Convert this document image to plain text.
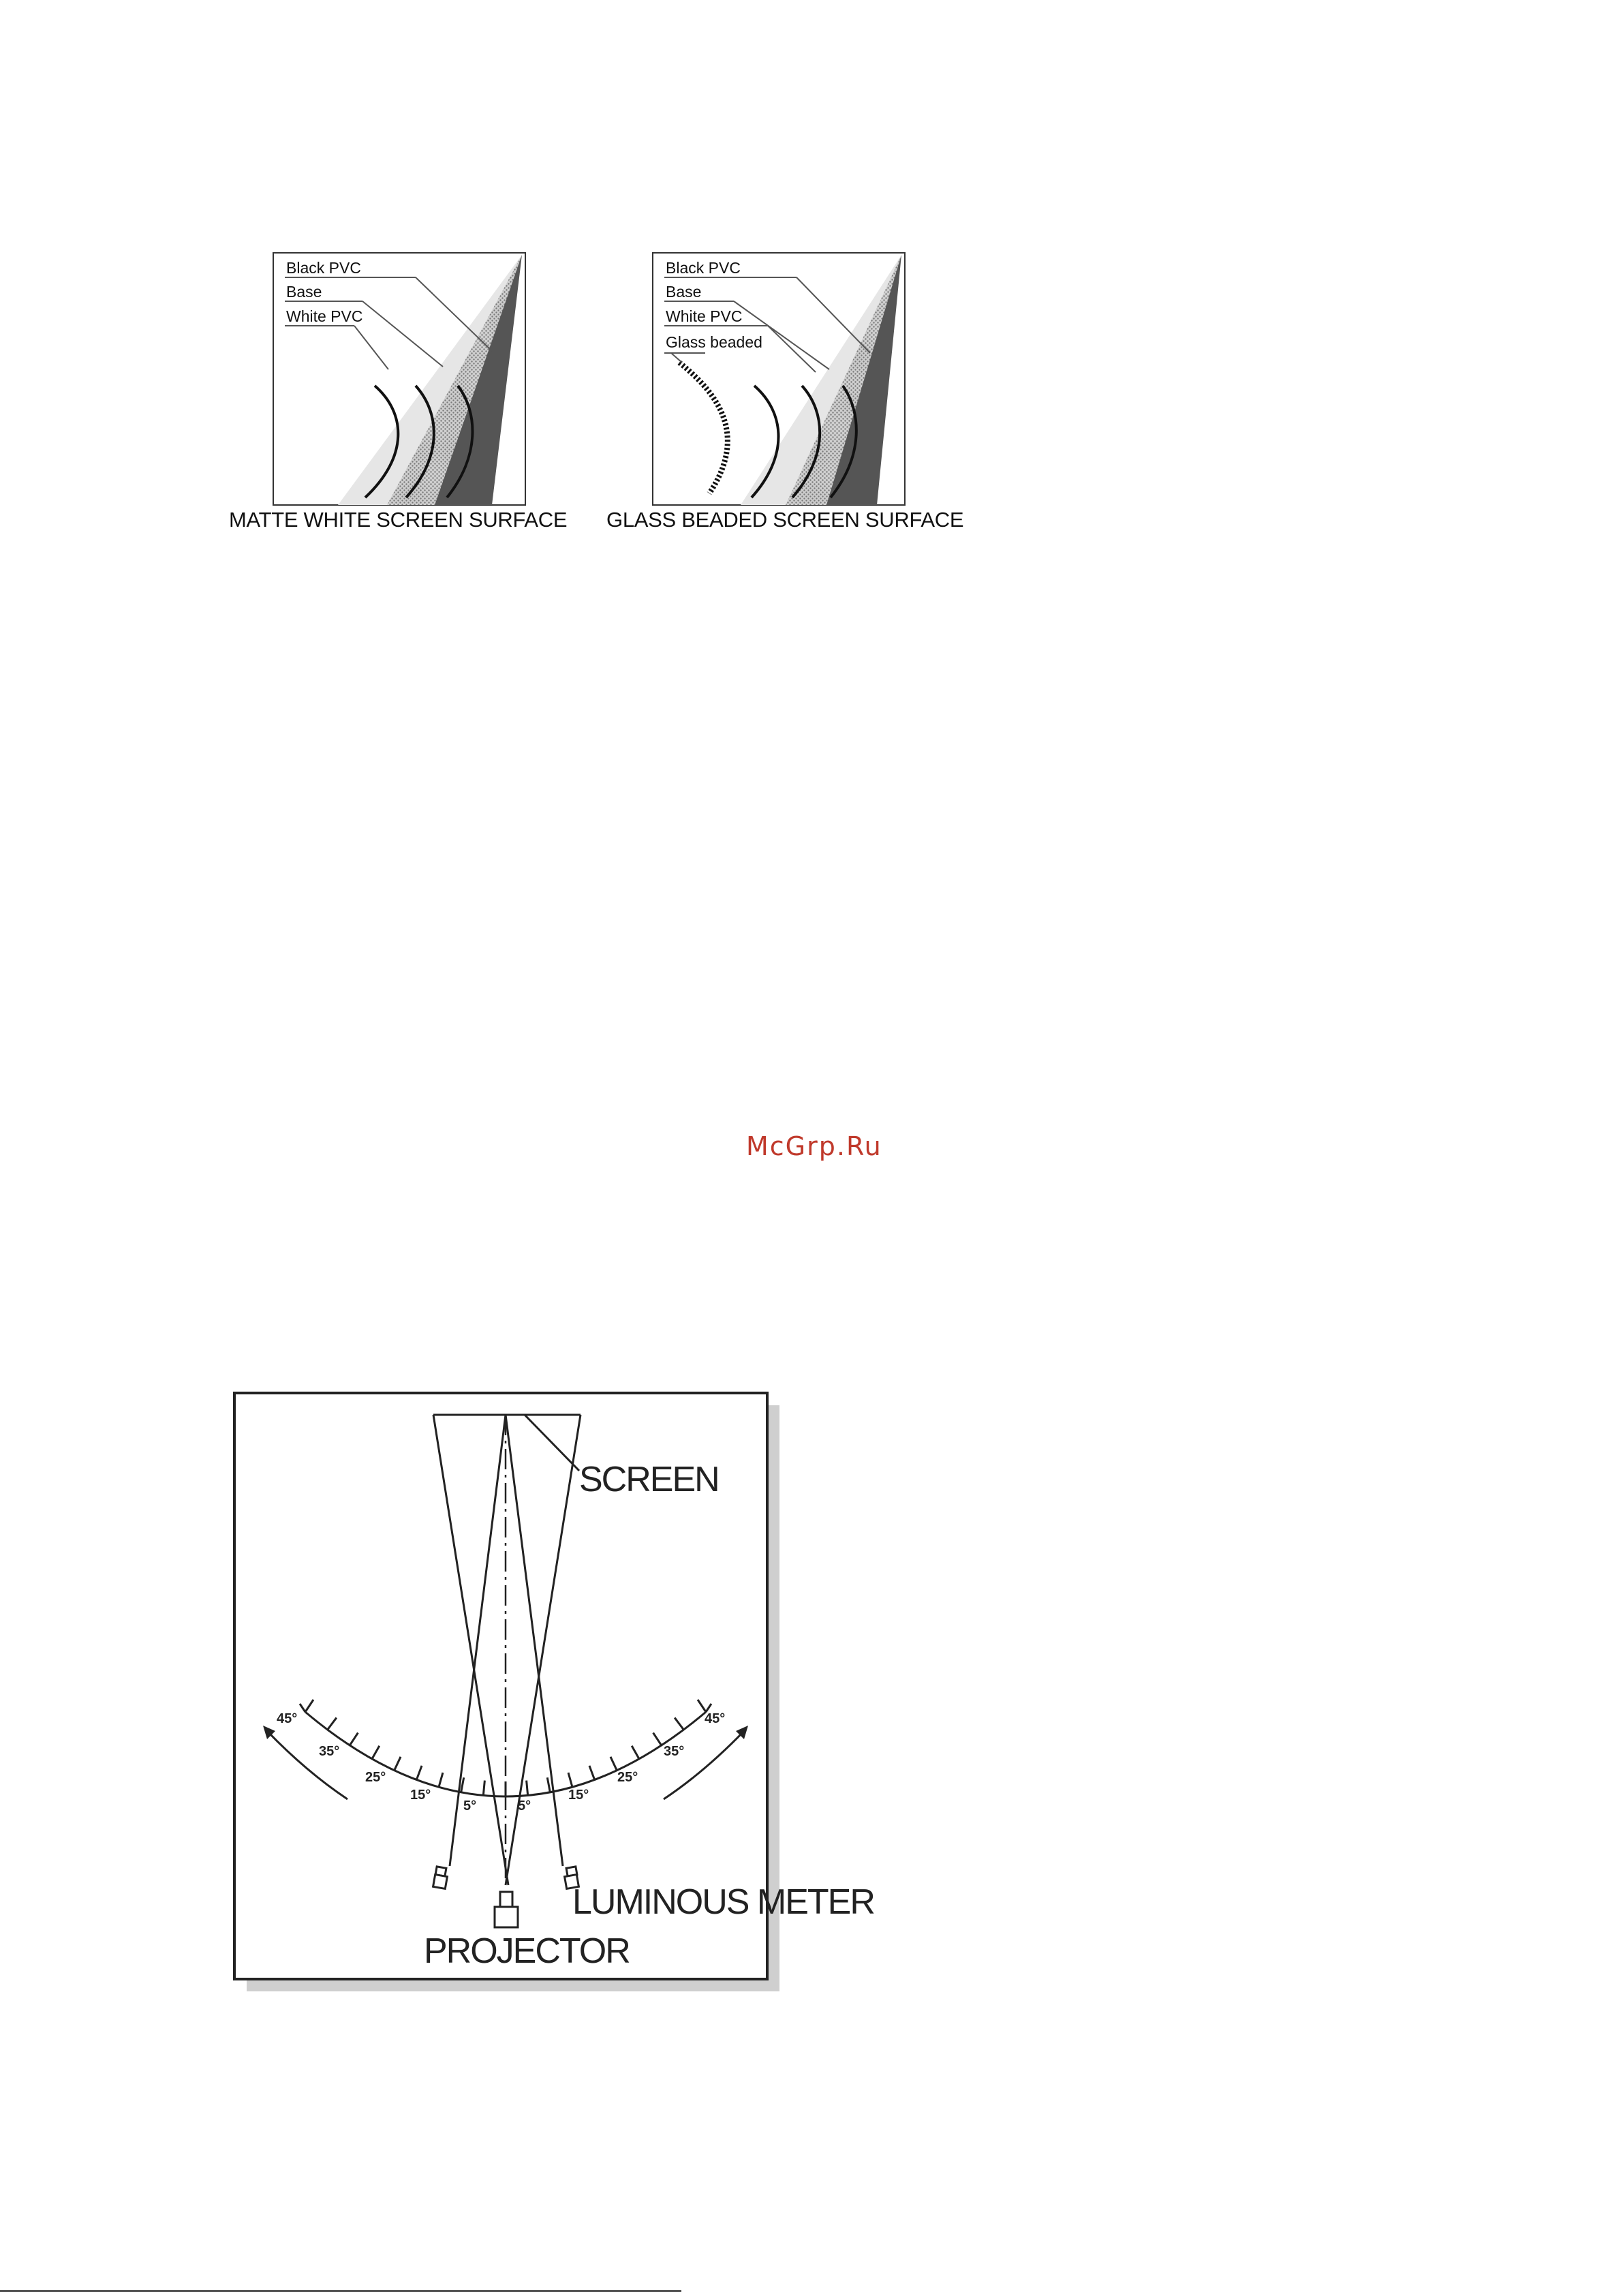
Black PVC
Base
White PVC
MATTE WHITE SCREEN SURFACE
Black PVC
Base
White PVC
Glass beaded
GLASS BEADED SCREEN SURFACE
McGrp.Ru
45°
35°
25°
15°
5°	5°
15°
25°
35°
45°
SCREEN
LUMINOUS METER
PROJECTOR
